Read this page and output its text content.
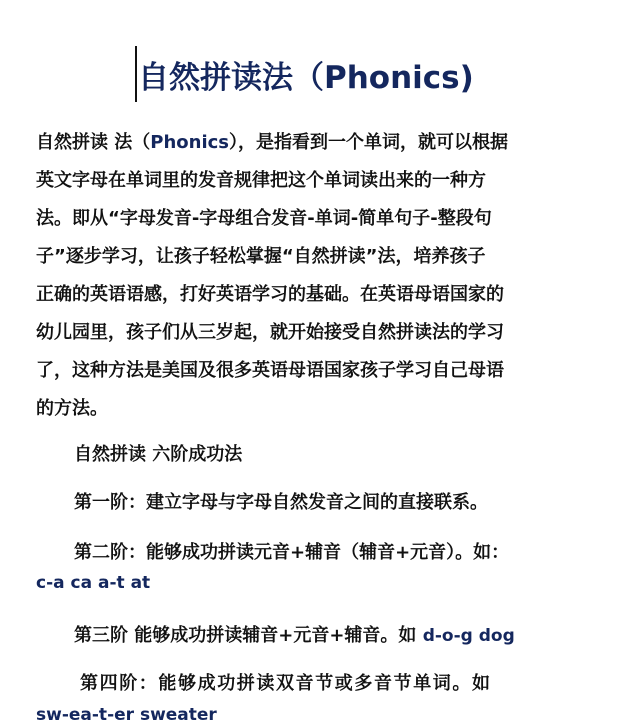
自然拼读法（Phonics)
自然拼读 法（Phonics），是指看到一个单词，就可以根据
英文字母在单词里的发音规律把这个单词读出来的一种方
法。即从“字母发音-字母组合发音-单词-简单句子-整段句
子”逐步学习，让孩子轻松掌握“自然拼读”法，培养孩子
正确的英语语感，打好英语学习的基础。在英语母语国家的
幼儿园里，孩子们从三岁起，就开始接受自然拼读法的学习
了，这种方法是美国及很多英语母语国家孩子学习自己母语
的方法。
自然拼读 六阶成功法
第一阶：建立字母与字母自然发音之间的直接联系。
第二阶：能够成功拼读元音+辅音（辅音+元音）。如：
c-a ca a-t at
第三阶 能够成功拼读辅音+元音+辅音。如 d-o-g dog
第四阶：能够成功拼读双音节或多音节单词。如
sw-ea-t-er sweater
